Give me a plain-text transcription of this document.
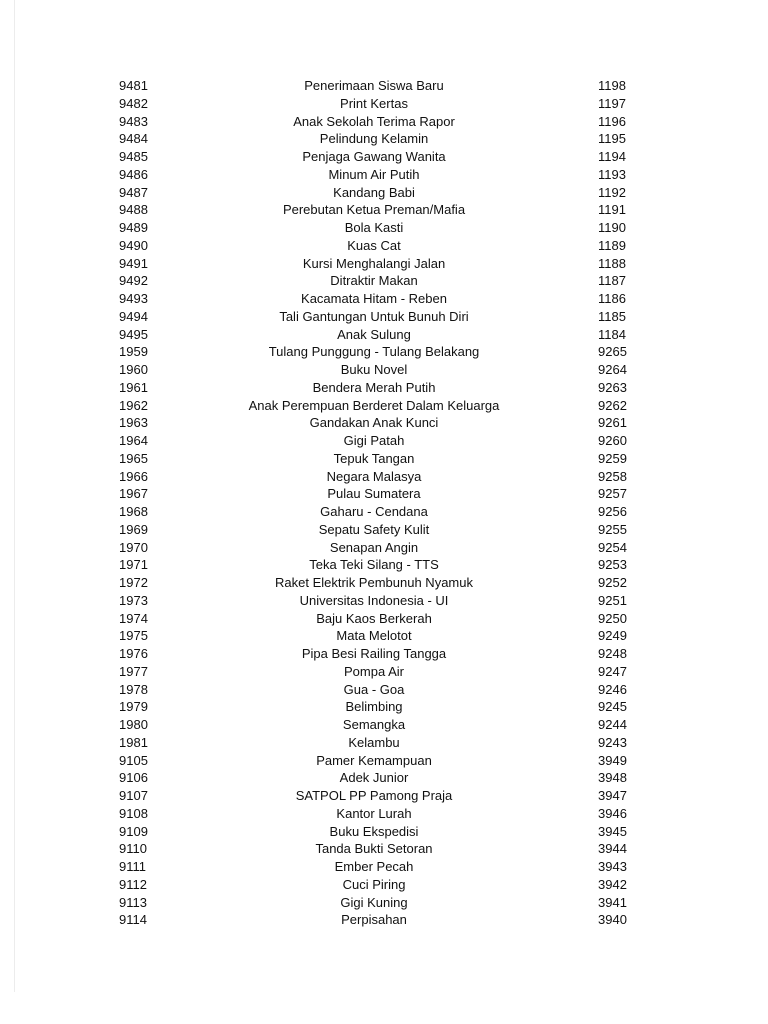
9481	Penerimaan Siswa Baru	1198
9482	Print Kertas	1197
9483	Anak Sekolah Terima Rapor	1196
9484	Pelindung Kelamin	1195
9485	Penjaga Gawang Wanita	1194
9486	Minum Air Putih	1193
9487	Kandang Babi	1192
9488	Perebutan Ketua Preman/Mafia	1191
9489	Bola Kasti	1190
9490	Kuas Cat	1189
9491	Kursi Menghalangi Jalan	1188
9492	Ditraktir Makan	1187
9493	Kacamata Hitam - Reben	1186
9494	Tali Gantungan Untuk Bunuh Diri	1185
9495	Anak Sulung	1184
1959	Tulang Punggung - Tulang Belakang	9265
1960	Buku Novel	9264
1961	Bendera Merah Putih	9263
1962	Anak Perempuan Berderet Dalam Keluarga	9262
1963	Gandakan Anak Kunci	9261
1964	Gigi Patah	9260
1965	Tepuk Tangan	9259
1966	Negara Malasya	9258
1967	Pulau Sumatera	9257
1968	Gaharu - Cendana	9256
1969	Sepatu Safety Kulit	9255
1970	Senapan Angin	9254
1971	Teka Teki Silang - TTS	9253
1972	Raket Elektrik Pembunuh Nyamuk	9252
1973	Universitas Indonesia - UI	9251
1974	Baju Kaos Berkerah	9250
1975	Mata Melotot	9249
1976	Pipa Besi Railing Tangga	9248
1977	Pompa Air	9247
1978	Gua - Goa	9246
1979	Belimbing	9245
1980	Semangka	9244
1981	Kelambu	9243
9105	Pamer Kemampuan	3949
9106	Adek Junior	3948
9107	SATPOL PP Pamong Praja	3947
9108	Kantor Lurah	3946
9109	Buku Ekspedisi	3945
9110	Tanda Bukti Setoran	3944
9111	Ember Pecah	3943
9112	Cuci Piring	3942
9113	Gigi Kuning	3941
9114	Perpisahan	3940
